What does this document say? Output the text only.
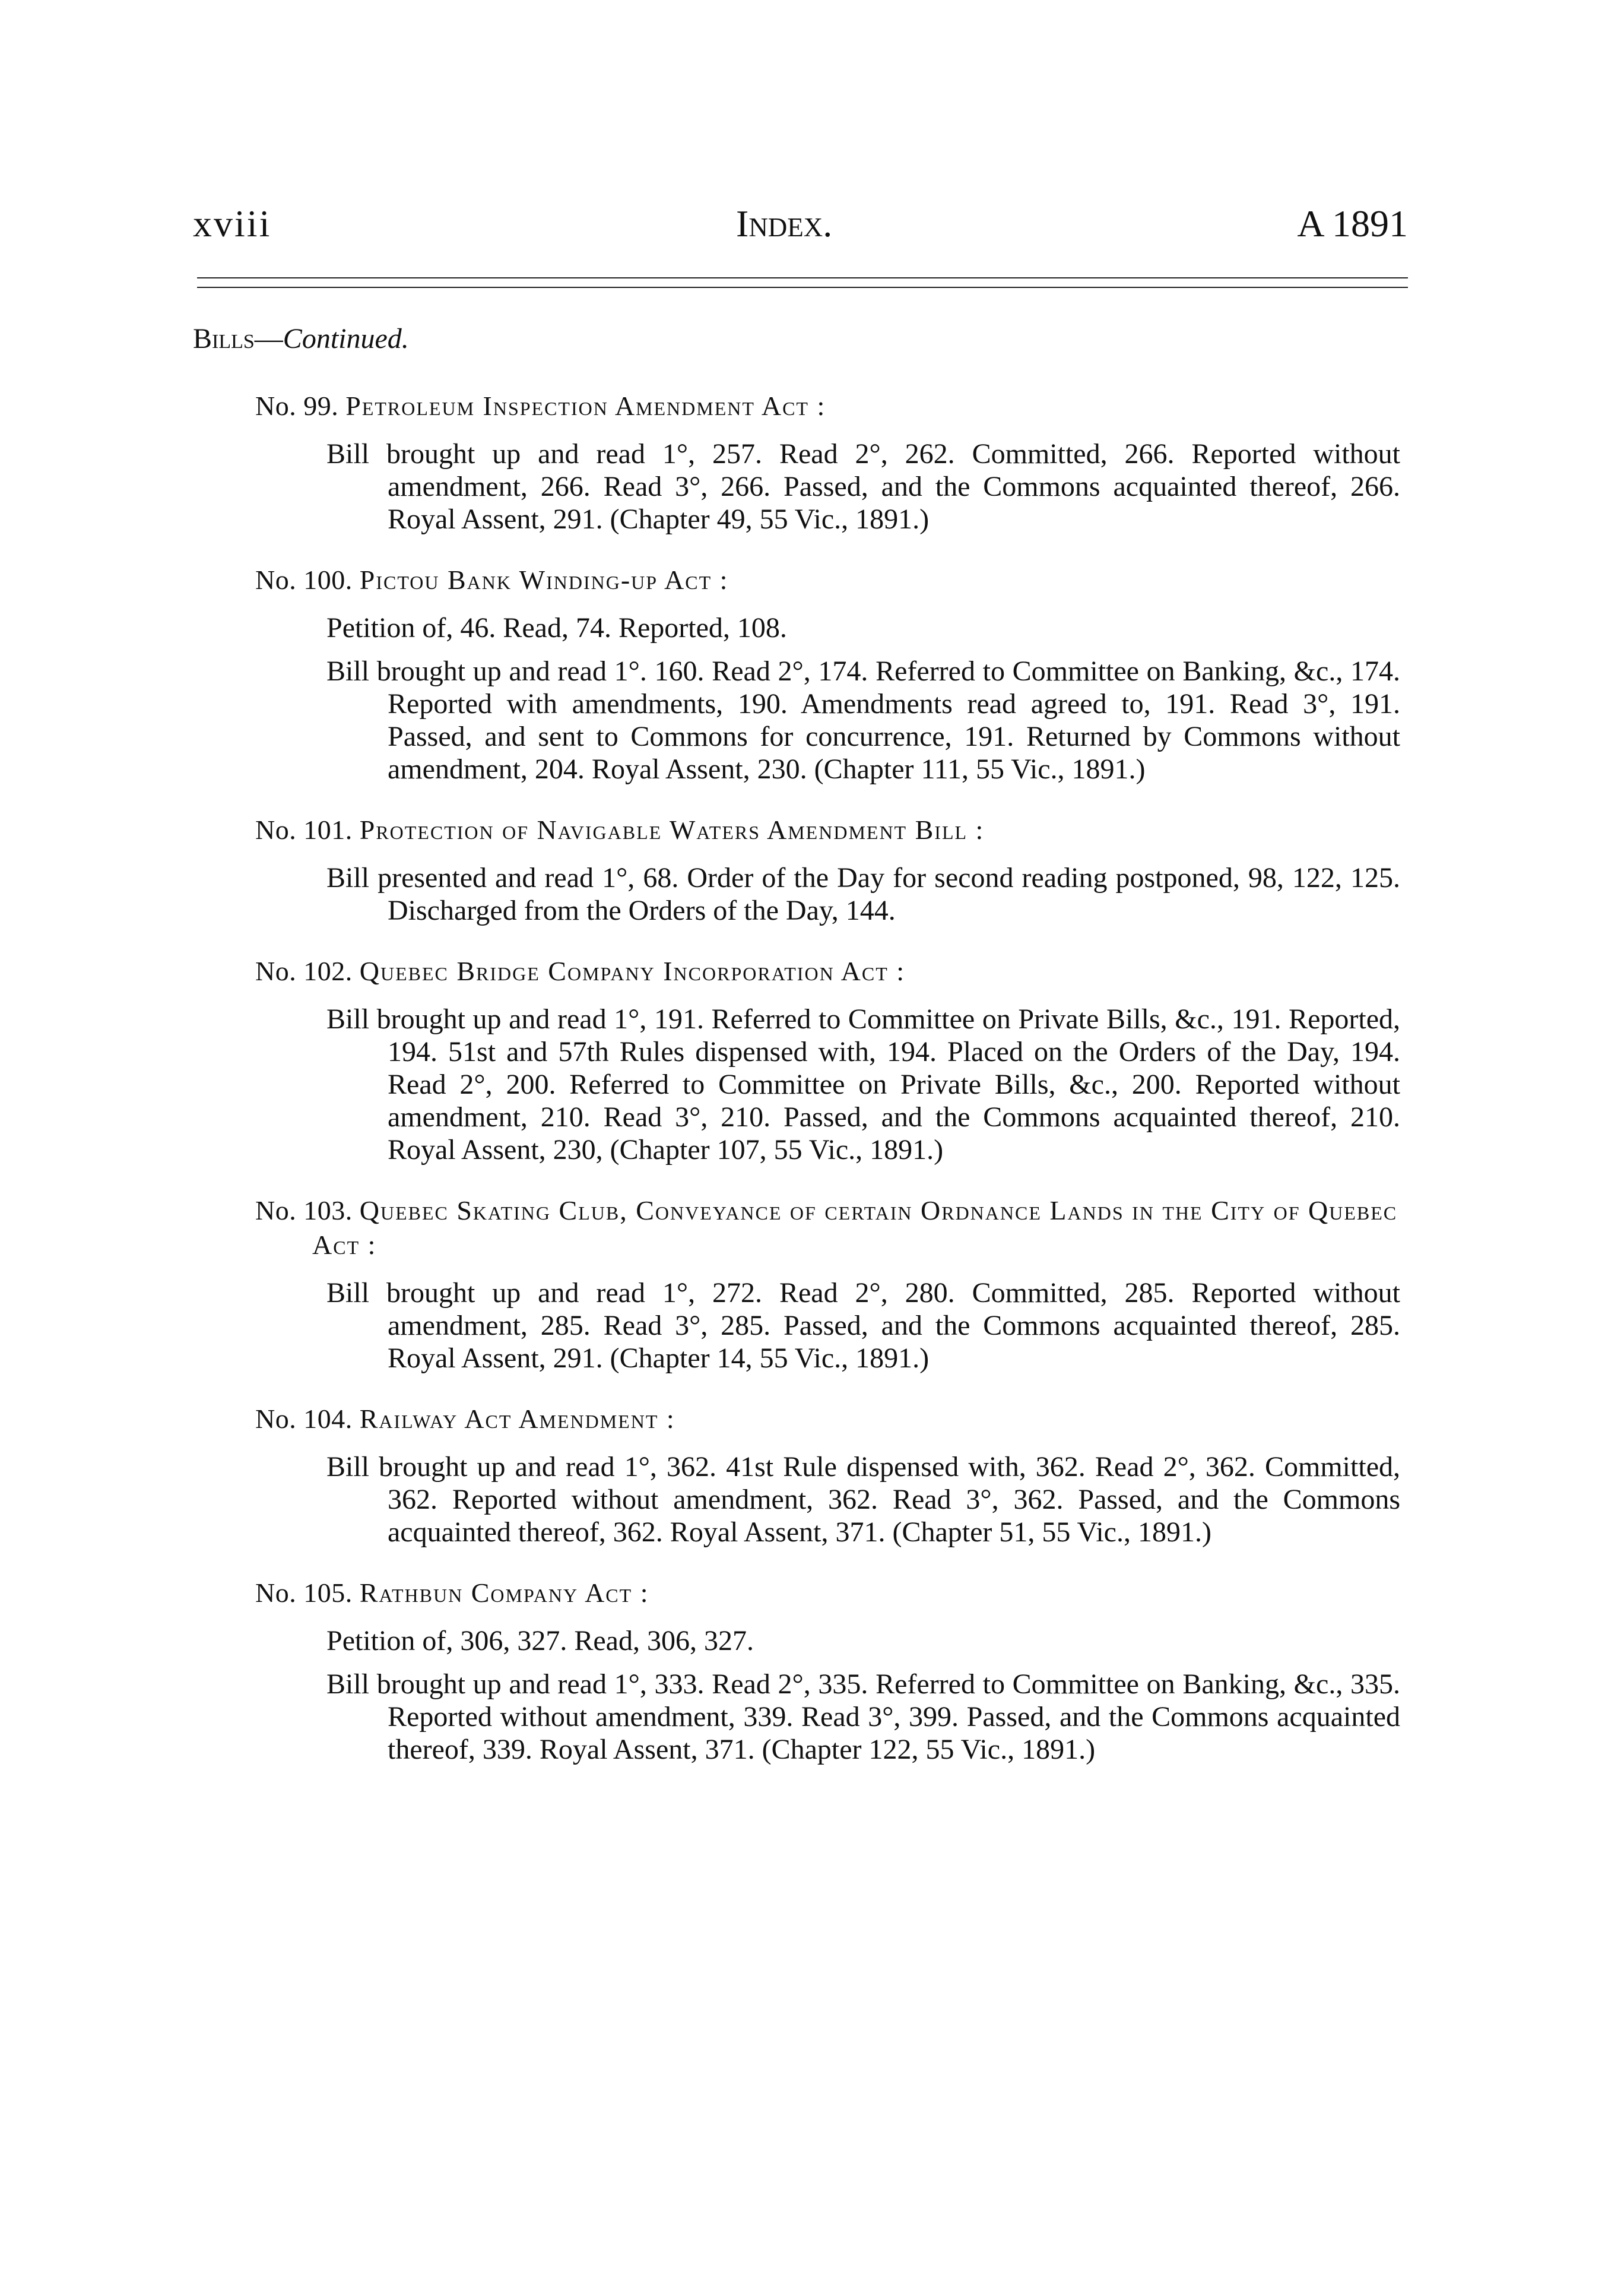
xviii	Index.	A 1891
Bills—Continued.
No. 99. Petroleum Inspection Amendment Act :
Bill brought up and read 1°, 257. Read 2°, 262. Committed, 266. Reported without amendment, 266. Read 3°, 266. Passed, and the Commons acquainted thereof, 266. Royal Assent, 291. (Chapter 49, 55 Vic., 1891.)
No. 100. Pictou Bank Winding-up Act :
Petition of, 46. Read, 74. Reported, 108.
Bill brought up and read 1°. 160. Read 2°, 174. Referred to Committee on Banking, &c., 174. Reported with amendments, 190. Amendments read agreed to, 191. Read 3°, 191. Passed, and sent to Commons for concurrence, 191. Returned by Commons without amendment, 204. Royal Assent, 230. (Chapter 111, 55 Vic., 1891.)
No. 101. Protection of Navigable Waters Amendment Bill :
Bill presented and read 1°, 68. Order of the Day for second reading postponed, 98, 122, 125. Discharged from the Orders of the Day, 144.
No. 102. Quebec Bridge Company Incorporation Act :
Bill brought up and read 1°, 191. Referred to Committee on Private Bills, &c., 191. Reported, 194. 51st and 57th Rules dispensed with, 194. Placed on the Orders of the Day, 194. Read 2°, 200. Referred to Committee on Private Bills, &c., 200. Reported without amendment, 210. Read 3°, 210. Passed, and the Commons acquainted thereof, 210. Royal Assent, 230, (Chapter 107, 55 Vic., 1891.)
No. 103. Quebec Skating Club, Conveyance of certain Ordnance Lands in the City of Quebec Act :
Bill brought up and read 1°, 272. Read 2°, 280. Committed, 285. Reported without amendment, 285. Read 3°, 285. Passed, and the Commons acquainted thereof, 285. Royal Assent, 291. (Chapter 14, 55 Vic., 1891.)
No. 104. Railway Act Amendment :
Bill brought up and read 1°, 362. 41st Rule dispensed with, 362. Read 2°, 362. Committed, 362. Reported without amendment, 362. Read 3°, 362. Passed, and the Commons acquainted thereof, 362. Royal Assent, 371. (Chapter 51, 55 Vic., 1891.)
No. 105. Rathbun Company Act :
Petition of, 306, 327. Read, 306, 327.
Bill brought up and read 1°, 333. Read 2°, 335. Referred to Committee on Banking, &c., 335. Reported without amendment, 339. Read 3°, 399. Passed, and the Commons acquainted thereof, 339. Royal Assent, 371. (Chapter 122, 55 Vic., 1891.)
